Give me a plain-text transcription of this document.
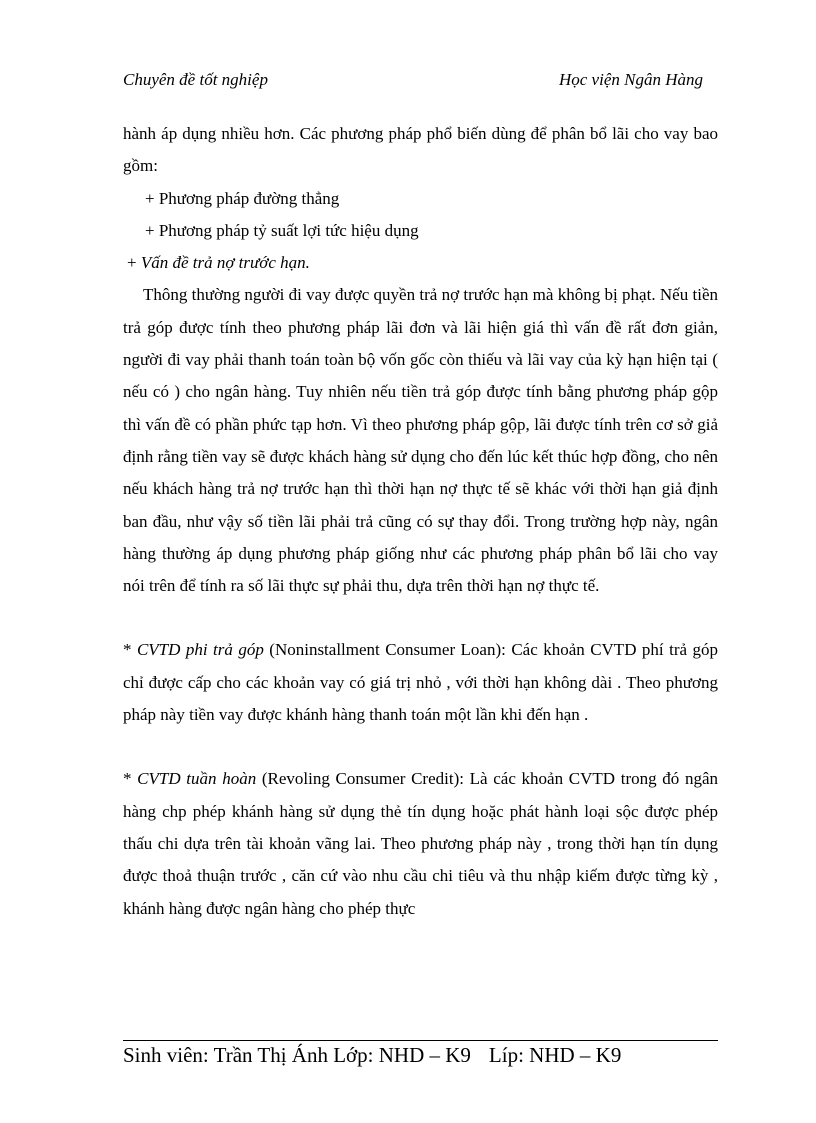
Chuyên đề tốt nghiệp	Học viện Ngân Hàng

hành áp dụng nhiều hơn. Các phương pháp phổ biến dùng để phân bổ lãi cho vay bao gồm:

+ Phương pháp đường thẳng

+ Phương pháp tỷ suất lợi tức hiệu dụng

+ Vấn đề trả nợ trước hạn.

Thông thường người đi vay được quyền trả nợ trước hạn mà không bị phạt. Nếu tiền trả góp được tính theo phương pháp lãi đơn và lãi hiện giá thì vấn đề rất đơn giản, người đi vay phải thanh toán toàn bộ vốn gốc còn thiếu và lãi vay của kỳ hạn hiện tại ( nếu có ) cho ngân hàng. Tuy nhiên nếu tiền trả góp được tính bằng phương pháp gộp thì vấn đề có phần phức tạp hơn. Vì theo phương pháp gộp, lãi được tính trên cơ sở giả định rằng tiền vay sẽ được khách hàng sử dụng cho đến lúc kết thúc hợp đồng, cho nên nếu khách hàng trả nợ trước hạn thì thời hạn nợ thực tế sẽ khác với thời hạn giả định ban đầu, như vậy số tiền lãi phải trả cũng có sự thay đổi. Trong trường hợp này, ngân hàng thường áp dụng phương pháp giống như các phương pháp phân bổ lãi cho vay nói trên để tính ra số lãi thực sự phải thu, dựa trên thời hạn nợ thực tế.

* CVTD phi trả góp (Noninstallment Consumer Loan): Các khoản CVTD phí trả góp chỉ được cấp cho các khoản vay có giá trị nhỏ , với thời hạn không dài . Theo phương pháp này tiền vay được khánh hàng thanh toán một lần khi đến hạn .

* CVTD tuần hoàn (Revoling Consumer Credit): Là các khoản CVTD trong đó ngân hàng chp phép khánh hàng sử dụng thẻ tín dụng hoặc phát hành loại sộc được phép thấu chi dựa trên tài khoản vãng lai. Theo phương pháp này , trong thời hạn tín dụng được thoả thuận trước , căn cứ vào nhu cầu chi tiêu và thu nhập kiếm được từng kỳ , khánh hàng được ngân hàng cho phép thực

Sinh viên: Trần Thị Ánh Lớp: NHD – K9 Líp: NHD – K9
